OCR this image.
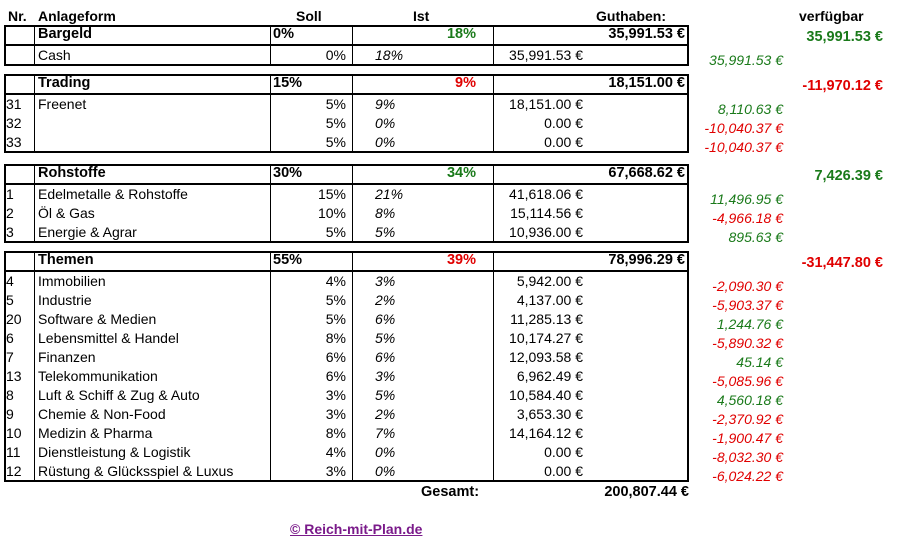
Nr. Anlageform	Soll	Ist	Guthaben:	verfügbar
Bargeld	0%	18%	35,991.53 €	35,991.53 €
Cash	0% 18%	35,991.53 €	35,991.53 €
Trading	15%	9%	18,151.00 €	-11,970.12 €
31 Freenet	5% 9%	18,151.00 €	8,110.63 €
32	5% 0%	0.00 €	-10,040.37 €
33	5% 0%	0.00 €	-10,040.37 €
Rohstoffe	30%	34%	67,668.62 €	7,426.39 €
1 Edelmetalle & Rohstoffe	15% 21%	41,618.06 €	11,496.95 €
2 Öl & Gas	10% 8%	15,114.56 €	-4,966.18 €
3 Energie & Agrar	5% 5%	10,936.00 €	895.63 €
Themen	55%	39%	78,996.29 €	-31,447.80 €
4 Immobilien	4% 3%	5,942.00 €	-2,090.30 €
5 Industrie	5% 2%	4,137.00 €	-5,903.37 €
20 Software & Medien	5% 6%	11,285.13 €	1,244.76 €
6 Lebensmittel & Handel	8% 5%	10,174.27 €	-5,890.32 €
7 Finanzen	6% 6%	12,093.58 €	45.14 €
13 Telekommunikation	6% 3%	6,962.49 €	-5,085.96 €
8 Luft & Schiff & Zug & Auto	3% 5%	10,584.40 €	4,560.18 €
9 Chemie & Non-Food	3% 2%	3,653.30 €	-2,370.92 €
10 Medizin & Pharma	8% 7%	14,164.12 €	-1,900.47 €
11 Dienstleistung & Logistik	4% 0%	0.00 €	-8,032.30 €
12 Rüstung & Glücksspiel & Luxus	3% 0%	0.00 €	-6,024.22 €
Gesamt:	200,807.44 €
© Reich-mit-Plan.de
